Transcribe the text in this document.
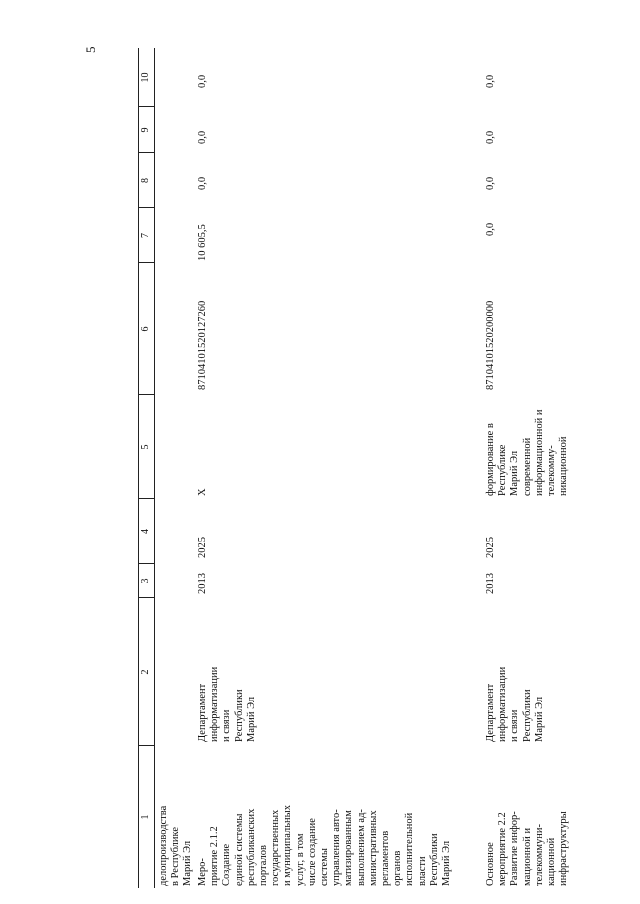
5
1
2
3
4
5
6
7
8
9
10
делопроизводства
в Республике
Марий Эл
Меро-
приятие 2.1.2
Создание
единой системы
республиканских
порталов
государственных
и муниципальных
услуг, в том
числе создание
системы
управления авто-
матизированным
выполнением ад-
министративных
регламентов
органов
исполнительной
власти
Республики
Марий Эл
Департамент
информатизации
и связи
Республики
Марий Эл
2013
2025
Х
87104101520127260
10 605,5
0,0
0,0
0,0
Основное
мероприятие 2.2
Развитие инфор-
мационной и
телекоммуни-
кационной
инфраструктуры
Департамент
информатизации
и связи
Республики
Марий Эл
2013
2025
формирование в
Республике
Марий Эл
современной
информационной и
телекомму-
никационной
87104101520200000
0,0
0,0
0,0
0,0
